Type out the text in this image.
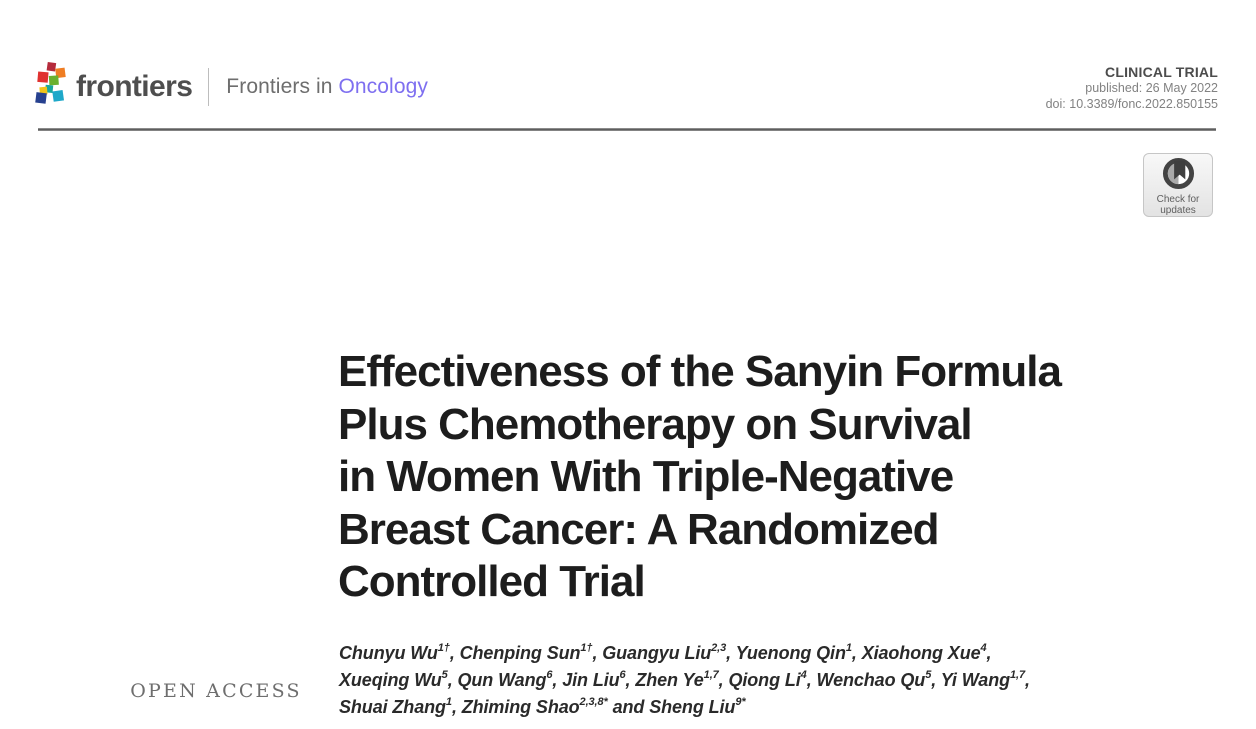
frontiers Frontiers in Oncology
CLINICAL TRIAL
published: 26 May 2022
doi: 10.3389/fonc.2022.850155
Check for
updates
OPEN ACCESS
Effectiveness of the Sanyin Formula
Plus Chemotherapy on Survival
in Women With Triple-Negative
Breast Cancer: A Randomized
Controlled Trial
Chunyu $Wu^{1\dagger}$, Chenping Sun$^{1\dagger}$, Guangyu Liu$^{2,3}$, Yuenong Qin$^1$, Xiaohong Xue$^4$,
Xueqing Wu$^5$, Qun Wang$^6$, Jin Liu$^6$, Zhen Ye$^{1,7}$, Qiong Li$^4$, Wenchao Qu$^5$, Yi Wang$^{1,7}$,
Shuai Zhang$^1$, Zhiming Shao$^{2,3,8*}$ and Sheng Liu$^{9*}$
